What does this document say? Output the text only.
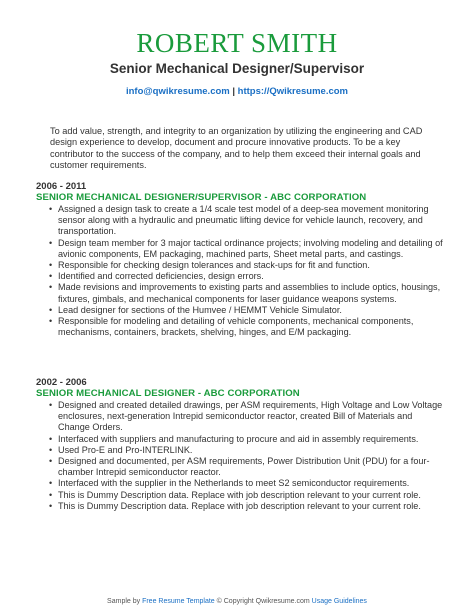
ROBERT SMITH
Senior Mechanical Designer/Supervisor
info@qwikresume.com | https://Qwikresume.com
To add value, strength, and integrity to an organization by utilizing the engineering and CAD design experience to develop, document and procure innovative products. To be a key contributor to the success of the company, and to help them exceed their internal goals and customer requirements.
2006 - 2011
SENIOR MECHANICAL DESIGNER/SUPERVISOR - ABC CORPORATION
• Assigned a design task to create a 1/4 scale test model of a deep-sea movement monitoring sensor along with a hydraulic and pneumatic lifting device for vehicle launch, recovery, and transportation.
• Design team member for 3 major tactical ordinance projects; involving modeling and detailing of avionic components, EM packaging, machined parts, Sheet metal parts, and castings.
• Responsible for checking design tolerances and stack-ups for fit and function.
• Identified and corrected deficiencies, design errors.
• Made revisions and improvements to existing parts and assemblies to include optics, housings, fixtures, gimbals, and mechanical components for laser guidance weapons systems.
• Lead designer for sections of the Humvee / HEMMT Vehicle Simulator.
• Responsible for modeling and detailing of vehicle components, mechanical components, mechanisms, containers, brackets, shelving, hinges, and E/M packaging.
2002 - 2006
SENIOR MECHANICAL DESIGNER - ABC CORPORATION
• Designed and created detailed drawings, per ASM requirements, High Voltage and Low Voltage enclosures, next-generation Intrepid semiconductor reactor, created Bill of Materials and Change Orders.
• Interfaced with suppliers and manufacturing to procure and aid in assembly requirements.
• Used Pro-E and Pro-INTERLINK.
• Designed and documented, per ASM requirements, Power Distribution Unit (PDU) for a four-chamber Intrepid semiconductor reactor.
• Interfaced with the supplier in the Netherlands to meet S2 semiconductor requirements.
• This is Dummy Description data. Replace with job description relevant to your current role.
• This is Dummy Description data. Replace with job description relevant to your current role.
Sample by Free Resume Template © Copyright Qwikresume.com Usage Guidelines
